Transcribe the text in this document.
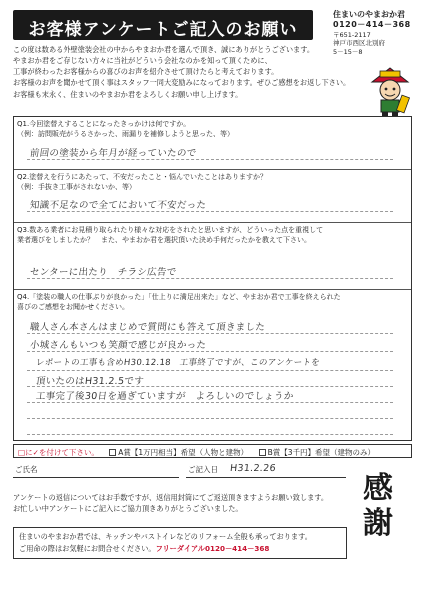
お客様アンケートご記入のお願い
住まいのやまおか君
0120－414－368
〒651-2117
神戸市西区北別府
5－15－8
この度は数ある外壁塗装会社の中からやまおか君を選んで頂き、誠にありがとうございます。
やまおか君をご存じない方々に当社がどういう会社なのかを知って頂くために、
工事が終わったお客様からの喜びのお声を紹介させて頂けたらと考えております。
お客様のお声を聞かせて頂く事はスタッフ一同大変励みになっております。ぜひご感想をお返し下さい。
お客様も末永く、住まいのやまおか君をよろしくお願い申し上げます。
Q1.今回塗替えすることになったきっかけは何ですか。
（例：訪問販売がうるさかった、雨漏りを補修しようと思った、等）
前回の塗装から年月が経っていたので
Q2.塗替えを行うにあたって、不安だったこと・悩んでいたことはありますか？
（例：手抜き工事がされないか、等）
知識不足なので全てにおいて不安だった
Q3.数ある業者にお見積り取られたり様々な対応をされたと思いますが、どういった点を重視して
業者選びをしましたか？　また、やまおか君を選択頂いた決め手何だったかを教えて下さい。
センターに出たり　チラシ広告で
Q4.「塗装の職人の仕事ぶりが良かった」「仕上りに満足出来た」など、やまおか君で工事を終えられた
喜びのご感想をお聞かせください。
職人さん本さんはまじめで質問にも答えて頂きました
小城さんもいつも笑顔で感じが良かった
レポートの工事も含めH30.12.18　工事終了ですが、このアンケートを
頂いたのはH31.2.5です
工事完了後30日を過ぎていますが　よろしいのでしょうか
□に✓を付けて下さい。	A賞【1万円相当】希望（人物と建物）	B賞【3千円】希望（建物のみ）
ご氏名	ご記入日 H31.2.26
アンケートの返信についてはお手数ですが、返信用封筒にてご返送頂きますようお願い致します。
お忙しい中アンケートにご記入にご協力頂きありがとうございました。
住まいのやまおか君では、キッチンやバストイレなどのリフォーム全般も承っております。
ご用命の際はお気軽にお問合せください。フリーダイアル0120－414－368
感謝
